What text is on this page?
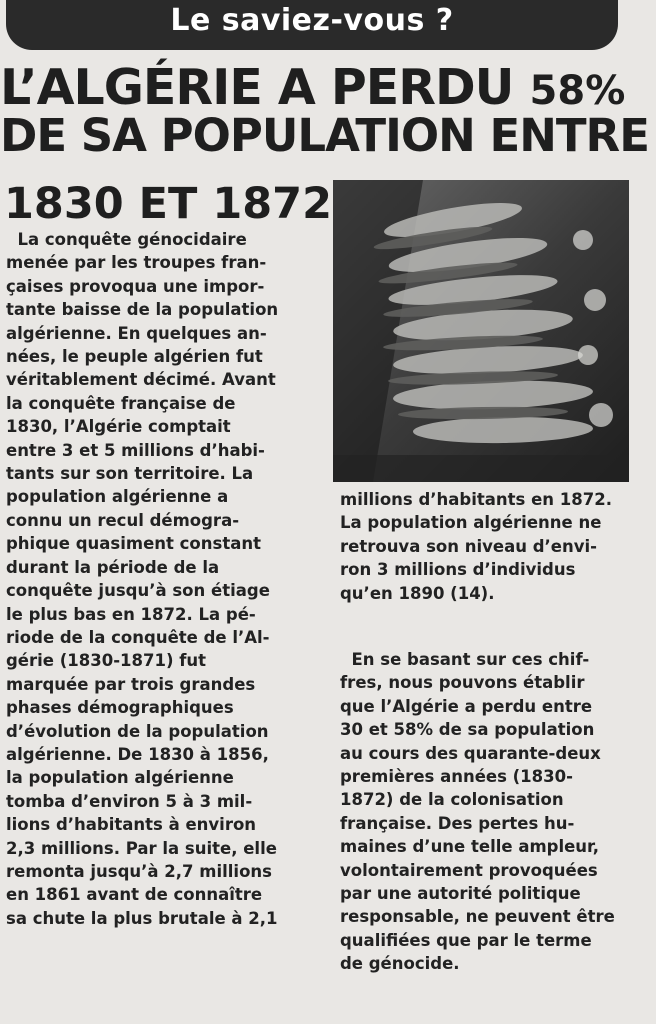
Le saviez-vous ?
L’ALGÉRIE A PERDU 58%
DE SA POPULATION ENTRE
1830 ET 1872
La conquête génocidaire
menée par les troupes fran-
çaises provoqua une impor-
tante baisse de la population
algérienne. En quelques an-
nées, le peuple algérien fut
véritablement décimé. Avant
la conquête française de
1830, l’Algérie comptait
entre 3 et 5 millions d’habi-
tants sur son territoire. La
population algérienne a
connu un recul démogra-
phique quasiment constant
durant la période de la
conquête jusqu’à son étiage
le plus bas en 1872. La pé-
riode de la conquête de l’Al-
gérie (1830-1871) fut
marquée par trois grandes
phases démographiques
d’évolution de la population
algérienne. De 1830 à 1856,
la population algérienne
tomba d’environ 5 à 3 mil-
lions d’habitants à environ
2,3 millions. Par la suite, elle
remonta jusqu’à 2,7 millions
en 1861 avant de connaître
sa chute la plus brutale à 2,1
millions d’habitants en 1872.
La population algérienne ne
retrouva son niveau d’envi-
ron 3 millions d’individus
qu’en 1890 (14).
En se basant sur ces chif-
fres, nous pouvons établir
que l’Algérie a perdu entre
30 et 58% de sa population
au cours des quarante-deux
premières années (1830-
1872) de la colonisation
française. Des pertes hu-
maines d’une telle ampleur,
volontairement provoquées
par une autorité politique
responsable, ne peuvent être
qualifiées que par le terme
de génocide.
